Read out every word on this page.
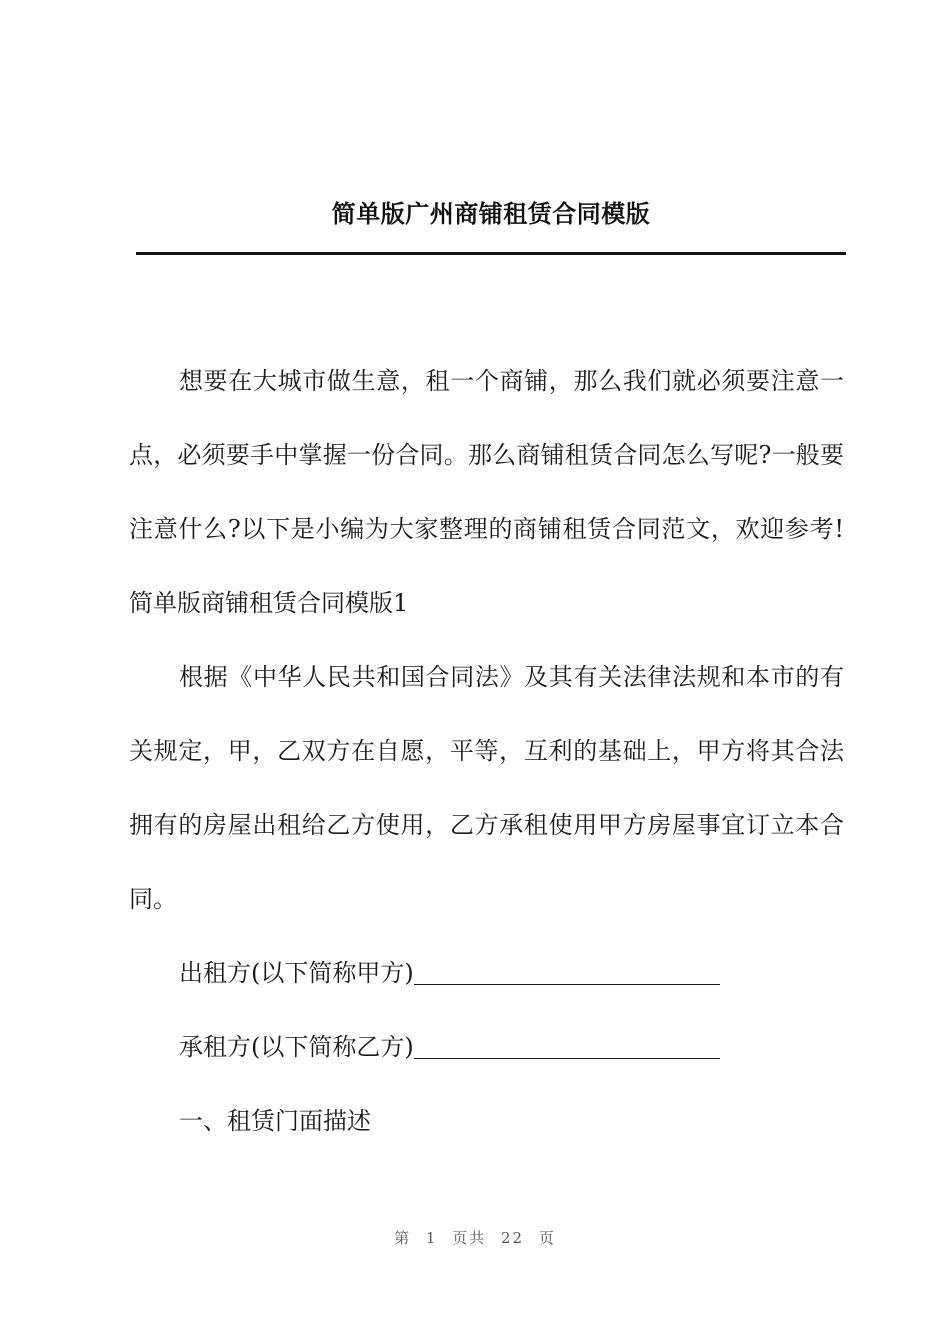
简单版广州商铺租赁合同模版

想要在大城市做生意，租一个商铺，那么我们就必须要注意一点，必须要手中掌握一份合同。那么商铺租赁合同怎么写呢?一般要注意什么?以下是小编为大家整理的商铺租赁合同范文，欢迎参考!简单版商铺租赁合同模版1

根据《中华人民共和国合同法》及其有关法律法规和本市的有关规定，甲，乙双方在自愿，平等，互利的基础上，甲方将其合法拥有的房屋出租给乙方使用，乙方承租使用甲方房屋事宜订立本合同。

出租方(以下简称甲方)

承租方(以下简称乙方)

一、租赁门面描述

第 1 页共 22 页
